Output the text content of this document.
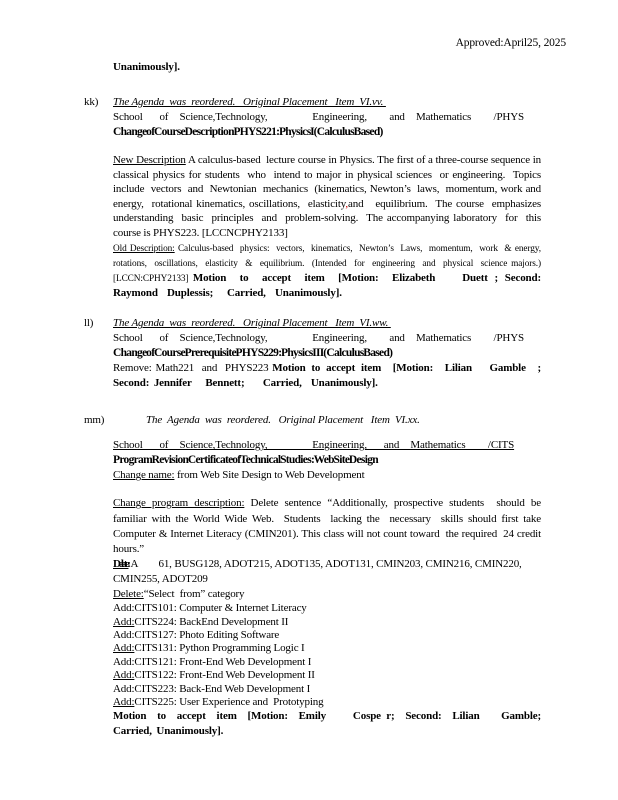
Approved:April25, 2025
Unanimously].
kk) The Agenda  was  reordered.   Original Placement   Item  VI.vv.
School   of  Science,Technology,        Engineering,    and  Mathematics    /PHYS
Change of Course Description PHYS 221: Physics I (Calculus Based)
New Description A calculus-based  lecture course in Physics. The first of a three-course sequence in classical physics for students  who  intend to major in physical sciences  or engineering.  Topics include  vectors  and  Newtonian  mechanics  (kinematics, Newton’s  laws,  momentum, work and energy,  rotational kinematics, oscillations,  elasticity,and   equilibrium.  The course  emphasizes understanding  basic  principles  and  problem-solving.  The accompanying laboratory  for  this course is PHYS223. [LCCNCPHY2133]
Old Description: Calculus-based  physics:  vectors,  kinematics,  Newton’s  Laws,  momentum,  work  & energy,  rotations,  oscillations,  elasticity  &  equilibrium.  (Intended  for  engineering  and  physical  science majors.)  [LCCN:CPHY2133] Motion  to  accept  item  [Motion:  Elizabeth    Duett ; Second: Raymond  Duplessis;   Carried,  Unanimously].
ll) The Agenda  was  reordered.   Original Placement   Item  VI.ww.
School   of  Science,Technology,        Engineering,    and  Mathematics    /PHYS
Change of Course Prerequisite PHYS 229: Physics III (Calculus Based)
Remove: Math221  and  PHYS223 Motion to accept item  [Motion:  Lilian   Gamble  ; Second: Jennifer   Bennett;    Carried,  Unanimously].
mm)	The  Agenda  was  reordered.   Original Placement   Item  VI.xx.
School   of  Science,Technology,        Engineering,   and  Mathematics    /CITS
Program Revision Certificate of Technical Studies: Web Site Design
Change name: from Web Site Design to Web Development
Change program description: Delete sentence “Additionally, prospective students  should be familiar with the World Wide Web.  Students  lacking the  necessary  skills should first take Computer & Internet Literacy (CMIN201). This class will not count toward  the required  24 credit hours.”
Delete: A        61, BUSG128, ADOT215, ADOT135, ADOT131, CMIN203, CMIN216, CMIN220, CMIN255, ADOT209
Delete:“Select  from” category
Add:CITS101: Computer & Internet Literacy
Add:CITS224: BackEnd Development II
Add:CITS127: Photo Editing Software
Add:CITS131: Python Programming Logic I
Add:CITS121: Front-End Web Development I
Add:CITS122: Front-End Web Development II
Add:CITS223: Back-End Web Development I
Add:CITS225: User Experience and  Prototyping
Motion  to  accept  item  [Motion:  Emily     Cospe r;  Second:  Lilian    Gamble;    Carried, Unanimously].
